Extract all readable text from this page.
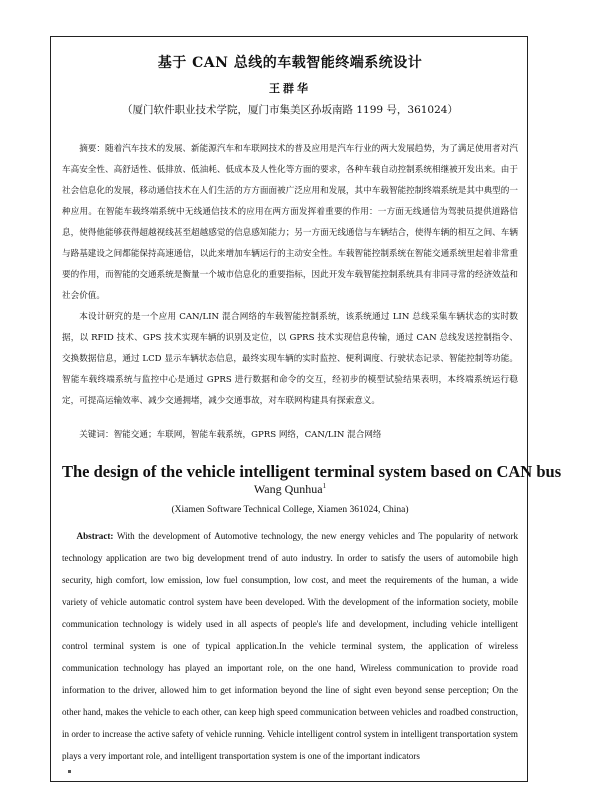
基于 CAN 总线的车载智能终端系统设计
王群华
（厦门软件职业技术学院，厦门市集美区孙坂南路 1199 号，361024）

摘要：随着汽车技术的发展、新能源汽车和车联网技术的普及应用是汽车行业的两大发展趋势，为了满足使用者对汽车高安全性、高舒适性、低排放、低油耗、低成本及人性化等方面的要求，各种车载自动控制系统相继被开发出来。由于社会信息化的发展，移动通信技术在人们生活的方方面面被广泛应用和发展，其中车载智能控制终端系统是其中典型的一种应用。在智能车载终端系统中无线通信技术的应用在两方面发挥着重要的作用：一方面无线通信为驾驶员提供道路信息，使得他能够获得超越视线甚至超越感觉的信息感知能力；另一方面无线通信与车辆结合，使得车辆的相互之间、车辆与路基建设之间都能保持高速通信，以此来增加车辆运行的主动安全性。车载智能控制系统在智能交通系统里起着非常重要的作用，而智能的交通系统是衡量一个城市信息化的重要指标，因此开发车载智能控制系统具有非同寻常的经济效益和社会价值。

本设计研究的是一个应用 CAN/LIN 混合网络的车载智能控制系统，该系统通过 LIN 总线采集车辆状态的实时数据，以 RFID 技术、GPS 技术实现车辆的识别及定位，以 GPRS 技术实现信息传输，通过 CAN 总线发送控制指令、交换数据信息，通过 LCD 显示车辆状态信息，最终实现车辆的实时监控、便利调度、行驶状态记录、智能控制等功能。智能车载终端系统与监控中心是通过 GPRS 进行数据和命令的交互，经初步的模型试验结果表明，本终端系统运行稳定，可提高运输效率、减少交通拥堵，减少交通事故，对车联网构建具有探索意义。

关键词：智能交通；车联网，智能车载系统，GPRS 网络，CAN/LIN 混合网络
The design of the vehicle intelligent terminal system based on CAN bus
Wang Qunhua$^1$
(Xiamen Software Technical College, Xiamen 361024, China)

Abstract: With the development of Automotive technology, the new energy vehicles and The popularity of network technology application are two big development trend of auto industry. In order to satisfy the users of automobile high security, high comfort, low emission, low fuel consumption, low cost, and meet the requirements of the human, a wide variety of vehicle automatic control system have been developed. With the development of the information society, mobile communication technology is widely used in all aspects of people's life and development, including vehicle intelligent control terminal system is one of typical application.In the vehicle terminal system, the application of wireless communication technology has played an important role, on the one hand, Wireless communication to provide road information to the driver, allowed him to get information beyond the line of sight even beyond sense perception; On the other hand, makes the vehicle to each other, can keep high speed communication between vehicles and roadbed construction, in order to increase the active safety of vehicle running. Vehicle intelligent control system in intelligent transportation system plays a very important role, and intelligent transportation system is one of the important indicators
